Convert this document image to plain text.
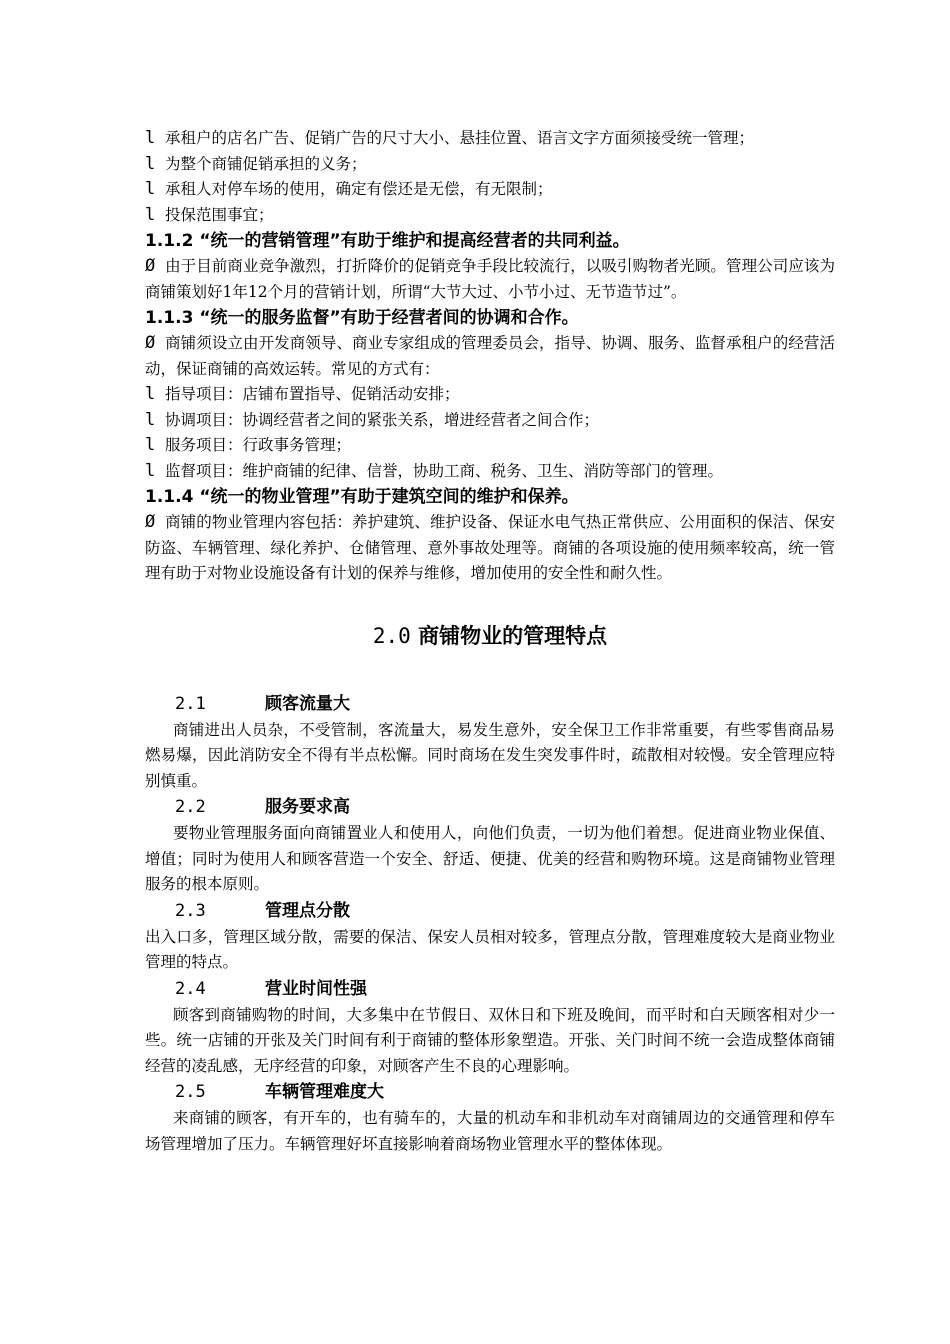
l 承租户的店名广告、促销广告的尺寸大小、悬挂位置、语言文字方面须接受统一管理；

l 为整个商铺促销承担的义务；

l 承租人对停车场的使用，确定有偿还是无偿，有无限制；

l 投保范围事宜；

1.1.2 “统一的营销管理”有助于维护和提高经营者的共同利益。

Ø 由于目前商业竞争激烈，打折降价的促销竞争手段比较流行，以吸引购物者光顾。管理公司应该为商铺策划好1年12个月的营销计划，所谓“大节大过、小节小过、无节造节过”。

1.1.3 “统一的服务监督”有助于经营者间的协调和合作。

Ø 商铺须设立由开发商领导、商业专家组成的管理委员会，指导、协调、服务、监督承租户的经营活动，保证商铺的高效运转。常见的方式有：

l 指导项目：店铺布置指导、促销活动安排；

l 协调项目：协调经营者之间的紧张关系，增进经营者之间合作；

l 服务项目：行政事务管理；

l 监督项目：维护商铺的纪律、信誉，协助工商、税务、卫生、消防等部门的管理。

1.1.4 “统一的物业管理”有助于建筑空间的维护和保养。

Ø 商铺的物业管理内容包括：养护建筑、维护设备、保证水电气热正常供应、公用面积的保洁、保安防盗、车辆管理、绿化养护、仓储管理、意外事故处理等。商铺的各项设施的使用频率较高，统一管理有助于对物业设施设备有计划的保养与维修，增加使用的安全性和耐久性。

2.0 商铺物业的管理特点

2.1	顾客流量大

商铺进出人员杂，不受管制，客流量大，易发生意外，安全保卫工作非常重要，有些零售商品易燃易爆，因此消防安全不得有半点松懈。同时商场在发生突发事件时，疏散相对较慢。安全管理应特别慎重。

2.2	服务要求高

要物业管理服务面向商铺置业人和使用人，向他们负责，一切为他们着想。促进商业物业保值、增值；同时为使用人和顾客营造一个安全、舒适、便捷、优美的经营和购物环境。这是商铺物业管理服务的根本原则。

2.3	管理点分散

出入口多，管理区域分散，需要的保洁、保安人员相对较多，管理点分散，管理难度较大是商业物业管理的特点。

2.4	营业时间性强

顾客到商铺购物的时间，大多集中在节假日、双休日和下班及晚间，而平时和白天顾客相对少一些。统一店铺的开张及关门时间有利于商铺的整体形象塑造。开张、关门时间不统一会造成整体商铺经营的凌乱感，无序经营的印象，对顾客产生不良的心理影响。

2.5	车辆管理难度大

来商铺的顾客，有开车的，也有骑车的，大量的机动车和非机动车对商铺周边的交通管理和停车场管理增加了压力。车辆管理好坏直接影响着商场物业管理水平的整体体现。
